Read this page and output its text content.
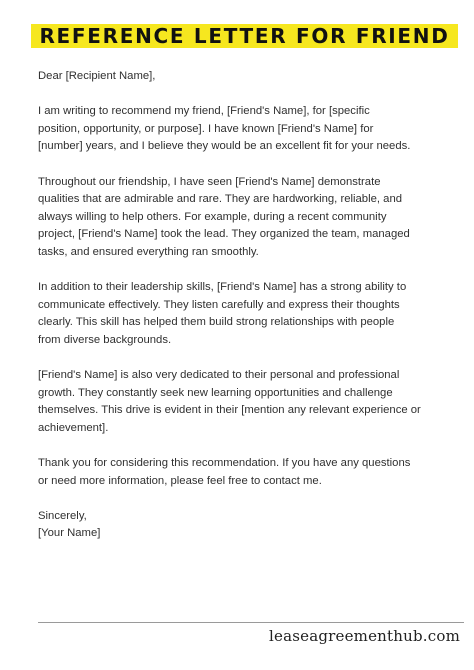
REFERENCE LETTER FOR FRIEND

Dear [Recipient Name],

I am writing to recommend my friend, [Friend's Name], for [specific
position, opportunity, or purpose]. I have known [Friend's Name] for
[number] years, and I believe they would be an excellent fit for your needs.

Throughout our friendship, I have seen [Friend's Name] demonstrate
qualities that are admirable and rare. They are hardworking, reliable, and
always willing to help others. For example, during a recent community
project, [Friend's Name] took the lead. They organized the team, managed
tasks, and ensured everything ran smoothly.

In addition to their leadership skills, [Friend's Name] has a strong ability to
communicate effectively. They listen carefully and express their thoughts
clearly. This skill has helped them build strong relationships with people
from diverse backgrounds.

[Friend's Name] is also very dedicated to their personal and professional
growth. They constantly seek new learning opportunities and challenge
themselves. This drive is evident in their [mention any relevant experience or
achievement].

Thank you for considering this recommendation. If you have any questions
or need more information, please feel free to contact me.

Sincerely,
[Your Name]

leaseagreementhub.com
